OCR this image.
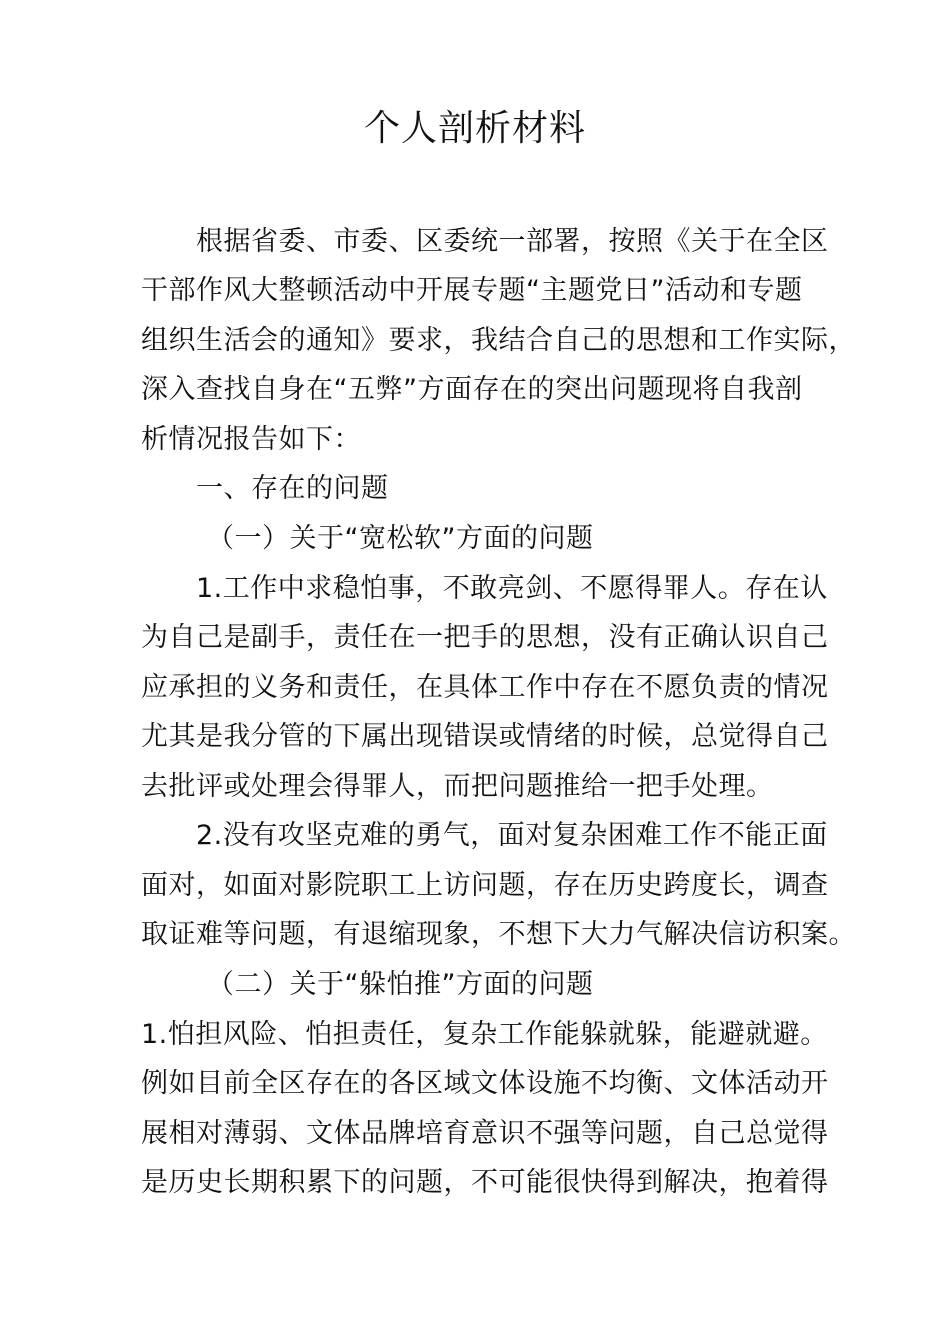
个人剖析材料
根据省委、市委、区委统一部署，按照《关于在全区
干部作风大整顿活动中开展专题“主题党日”活动和专题
组织生活会的通知》要求，我结合自己的思想和工作实际，
深入查找自身在“五弊”方面存在的突出问题现将自我剖
析情况报告如下：
一、存在的问题
（一）关于“宽松软”方面的问题
1.工作中求稳怕事，不敢亮剑、不愿得罪人。存在认
为自己是副手，责任在一把手的思想，没有正确认识自己
应承担的义务和责任，在具体工作中存在不愿负责的情况
尤其是我分管的下属出现错误或情绪的时候，总觉得自己
去批评或处理会得罪人，而把问题推给一把手处理。
2.没有攻坚克难的勇气，面对复杂困难工作不能正面
面对，如面对影院职工上访问题，存在历史跨度长，调查
取证难等问题，有退缩现象，不想下大力气解决信访积案。
（二）关于“躲怕推”方面的问题
1.怕担风险、怕担责任，复杂工作能躲就躲，能避就避。
例如目前全区存在的各区域文体设施不均衡、文体活动开
展相对薄弱、文体品牌培育意识不强等问题，自己总觉得
是历史长期积累下的问题，不可能很快得到解决，抱着得
